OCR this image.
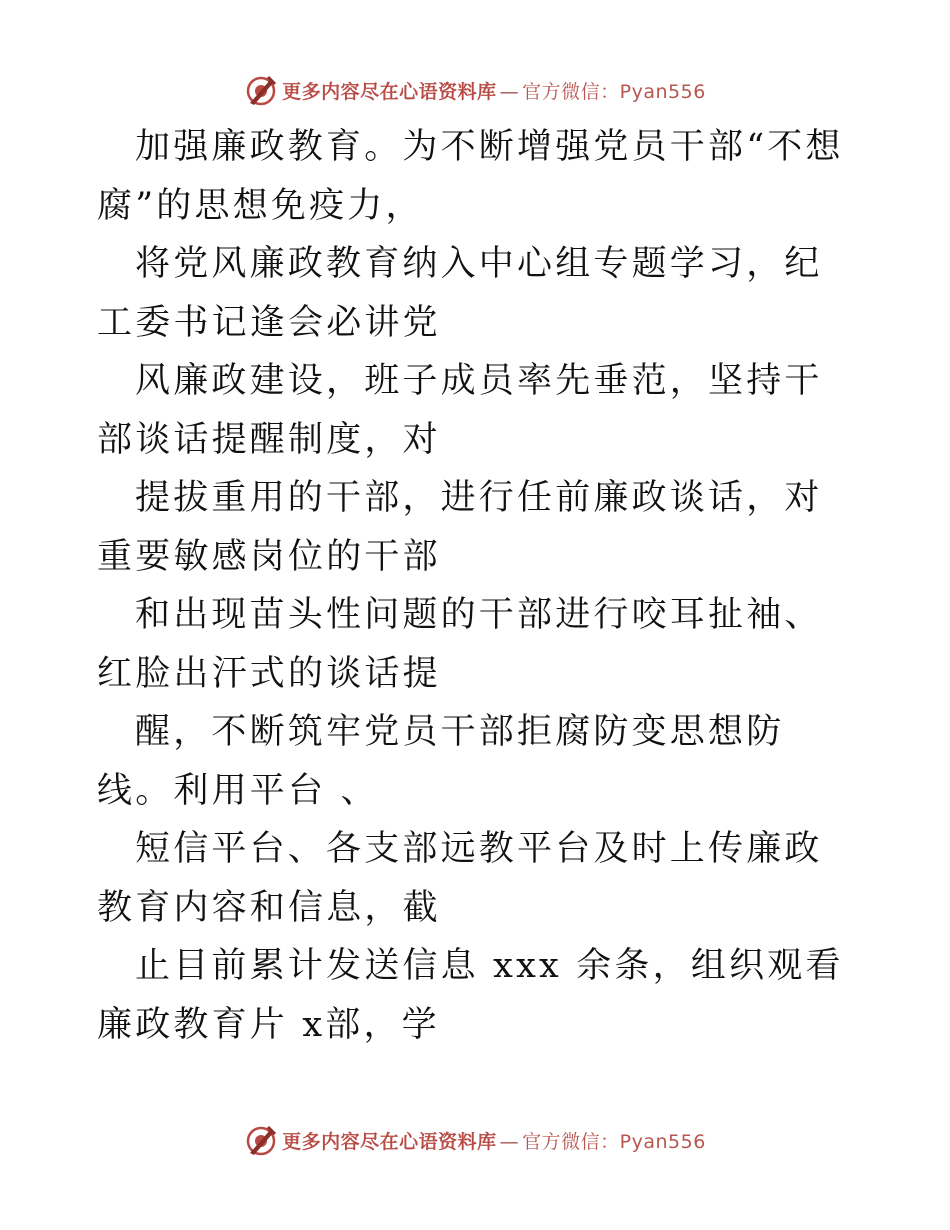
更多内容尽在心语资料库 — 官方微信：Pyan556

加强廉政教育。为不断增强党员干部“不想腐”的思想免疫力，

将党风廉政教育纳入中心组专题学习，纪工委书记逢会必讲党

风廉政建设，班子成员率先垂范，坚持干部谈话提醒制度，对

提拔重用的干部，进行任前廉政谈话，对重要敏感岗位的干部

和出现苗头性问题的干部进行咬耳扯袖、红脸出汗式的谈话提

醒，不断筑牢党员干部拒腐防变思想防线。利用平台 、

短信平台、各支部远教平台及时上传廉政教育内容和信息，截

止目前累计发送信息 xxx 余条，组织观看廉政教育片 x部，学

更多内容尽在心语资料库 — 官方微信：Pyan556
